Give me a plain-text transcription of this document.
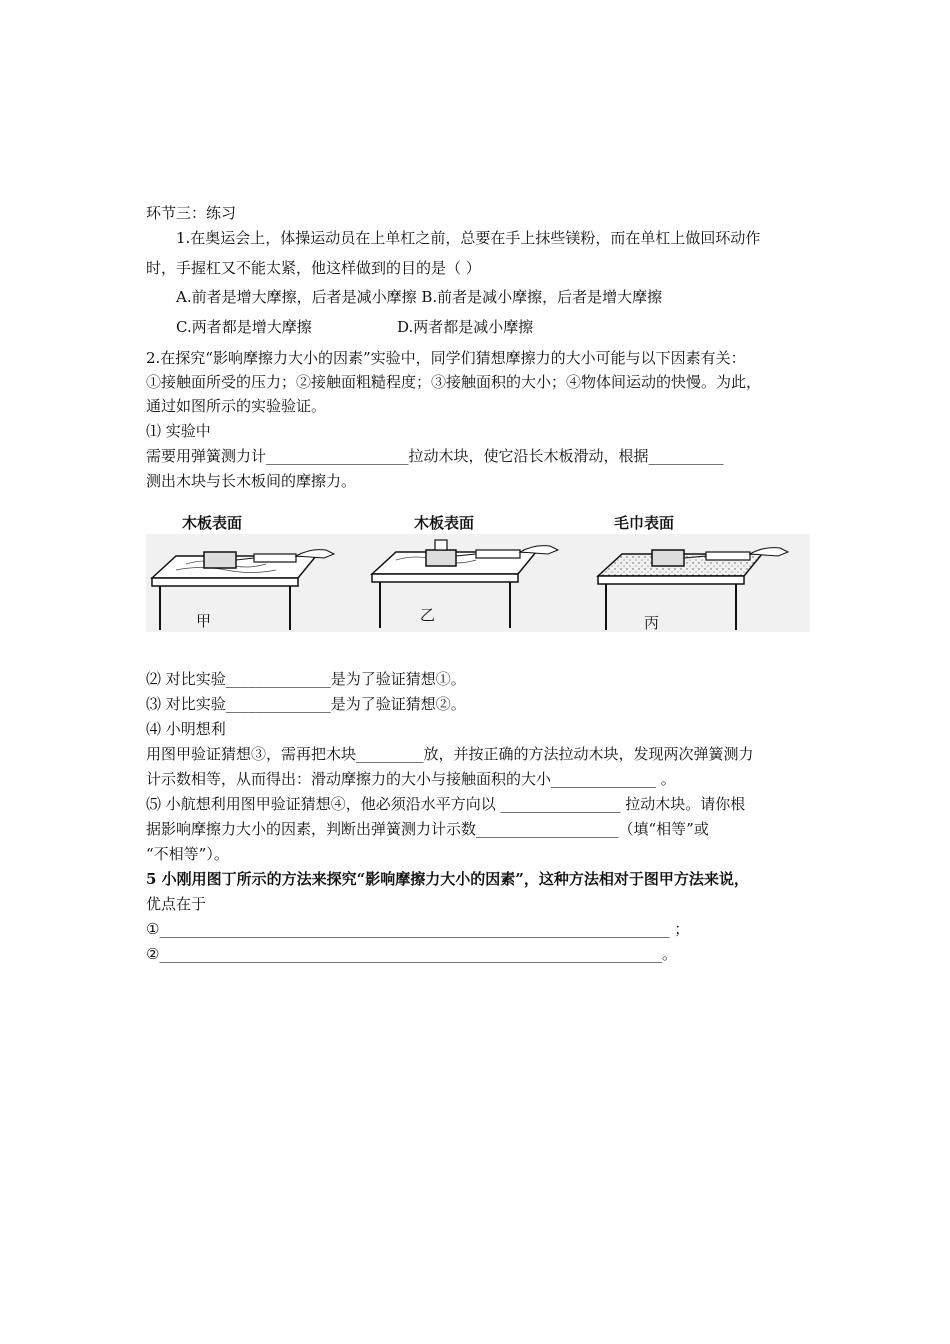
环节三：练习
1.在奥运会上，体操运动员在上单杠之前，总要在手上抹些镁粉，而在单杠上做回环动作
时，手握杠又不能太紧，他这样做到的目的是（ ）
A.前者是增大摩擦，后者是减小摩擦 B.前者是减小摩擦，后者是增大摩擦
C.两者都是增大摩擦	D.两者都是减小摩擦
2.在探究“影响摩擦力大小的因素”实验中，同学们猜想摩擦力的大小可能与以下因素有关：
①接触面所受的压力；②接触面粗糙程度；③接触面积的大小；④物体间运动的快慢。为此，
通过如图所示的实验验证。
⑴ 实验中
需要用弹簧测力计___________________拉动木块，使它沿长木板滑动，根据__________
测出木块与长木板间的摩擦力。
木板表面	木板表面	毛巾表面
甲	乙	丙
⑵ 对比实验______________是为了验证猜想①。
⑶ 对比实验______________是为了验证猜想②。
⑷ 小明想利
用图甲验证猜想③，需再把木块_________放，并按正确的方法拉动木块，发现两次弹簧测力
计示数相等，从而得出：滑动摩擦力的大小与接触面积的大小______________ 。
⑸ 小航想利用图甲验证猜想④，他必须沿水平方向以 ________________ 拉动木块。请你根
据影响摩擦力大小的因素，判断出弹簧测力计示数___________________（填“相等”或
“不相等”）。
5 小刚用图丁所示的方法来探究“影响摩擦力大小的因素”，这种方法相对于图甲方法来说，
优点在于
①____________________________________________________________________ ；
②___________________________________________________________________。
